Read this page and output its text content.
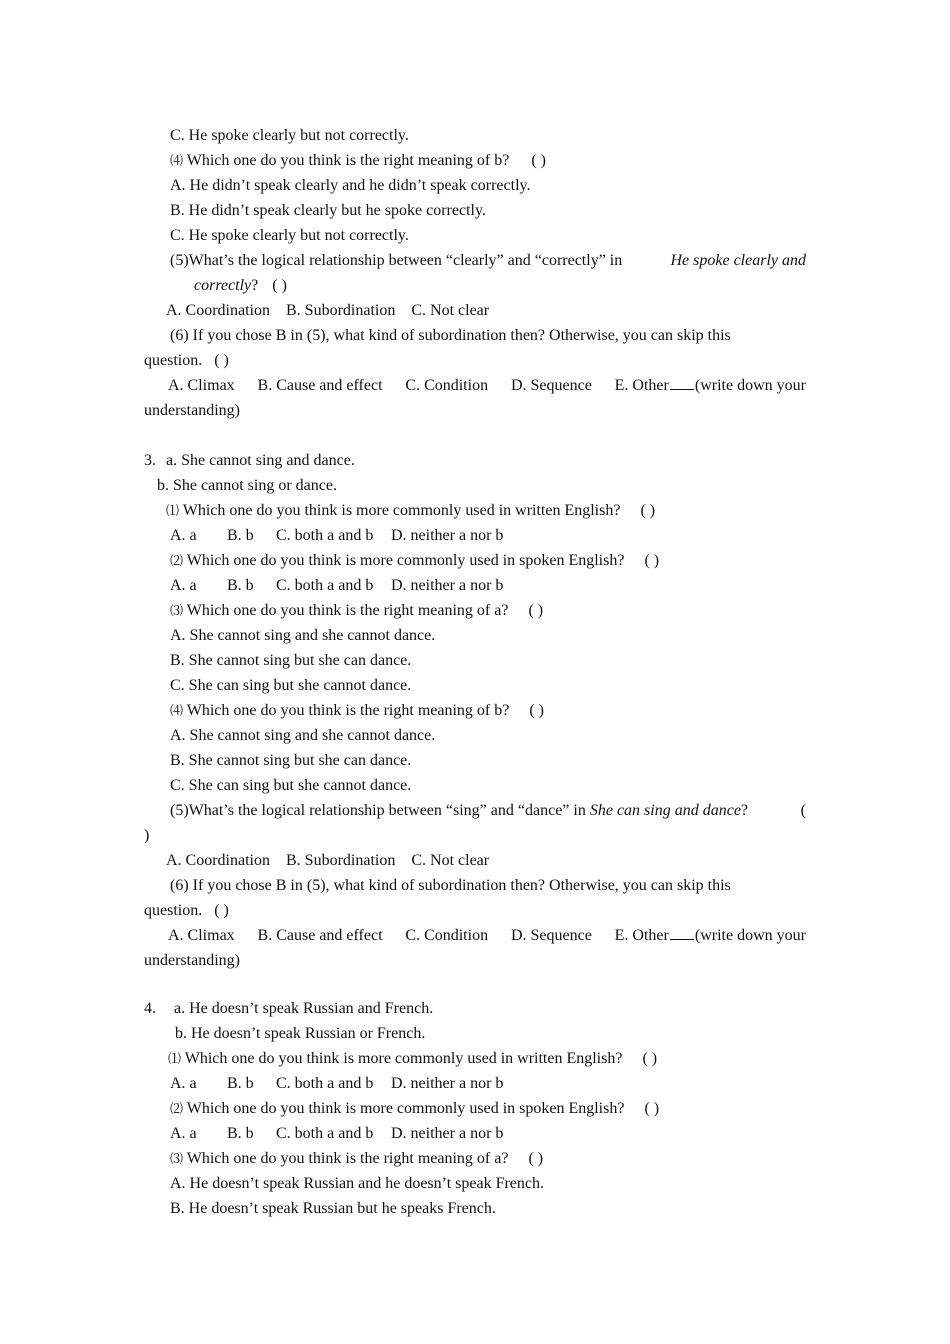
C. He spoke clearly but not correctly.
⑷ Which one do you think is the right meaning of b? ( )
A. He didn’t speak clearly and he didn’t speak correctly.
B. He didn’t speak clearly but he spoke correctly.
C. He spoke clearly but not correctly.
(5)What’s the logical relationship between “clearly” and “correctly” in	He spoke clearly and
correctly? ( )
A. Coordination B. Subordination C. Not clear
(6) If you chose B in (5), what kind of subordination then? Otherwise, you can skip this
question. ( )
A. Climax B. Cause and effect C. Condition D. Sequence E. Other (write down your
understanding)
3. a. She cannot sing and dance.
b. She cannot sing or dance.
⑴ Which one do you think is more commonly used in written English? ( )
A. a B. b C. both a and b D. neither a nor b
⑵ Which one do you think is more commonly used in spoken English? ( )
A. a B. b C. both a and b D. neither a nor b
⑶ Which one do you think is the right meaning of a? ( )
A. She cannot sing and she cannot dance.
B. She cannot sing but she can dance.
C. She can sing but she cannot dance.
⑷ Which one do you think is the right meaning of b? ( )
A. She cannot sing and she cannot dance.
B. She cannot sing but she can dance.
C. She can sing but she cannot dance.
(5)What’s the logical relationship between “sing” and “dance” in She can sing and dance?	(
)
A. Coordination B. Subordination C. Not clear
(6) If you chose B in (5), what kind of subordination then? Otherwise, you can skip this
question. ( )
A. Climax B. Cause and effect C. Condition D. Sequence E. Other (write down your
understanding)
4. a. He doesn’t speak Russian and French.
b. He doesn’t speak Russian or French.
⑴ Which one do you think is more commonly used in written English? ( )
A. a B. b C. both a and b D. neither a nor b
⑵ Which one do you think is more commonly used in spoken English? ( )
A. a B. b C. both a and b D. neither a nor b
⑶ Which one do you think is the right meaning of a? ( )
A. He doesn’t speak Russian and he doesn’t speak French.
B. He doesn’t speak Russian but he speaks French.
